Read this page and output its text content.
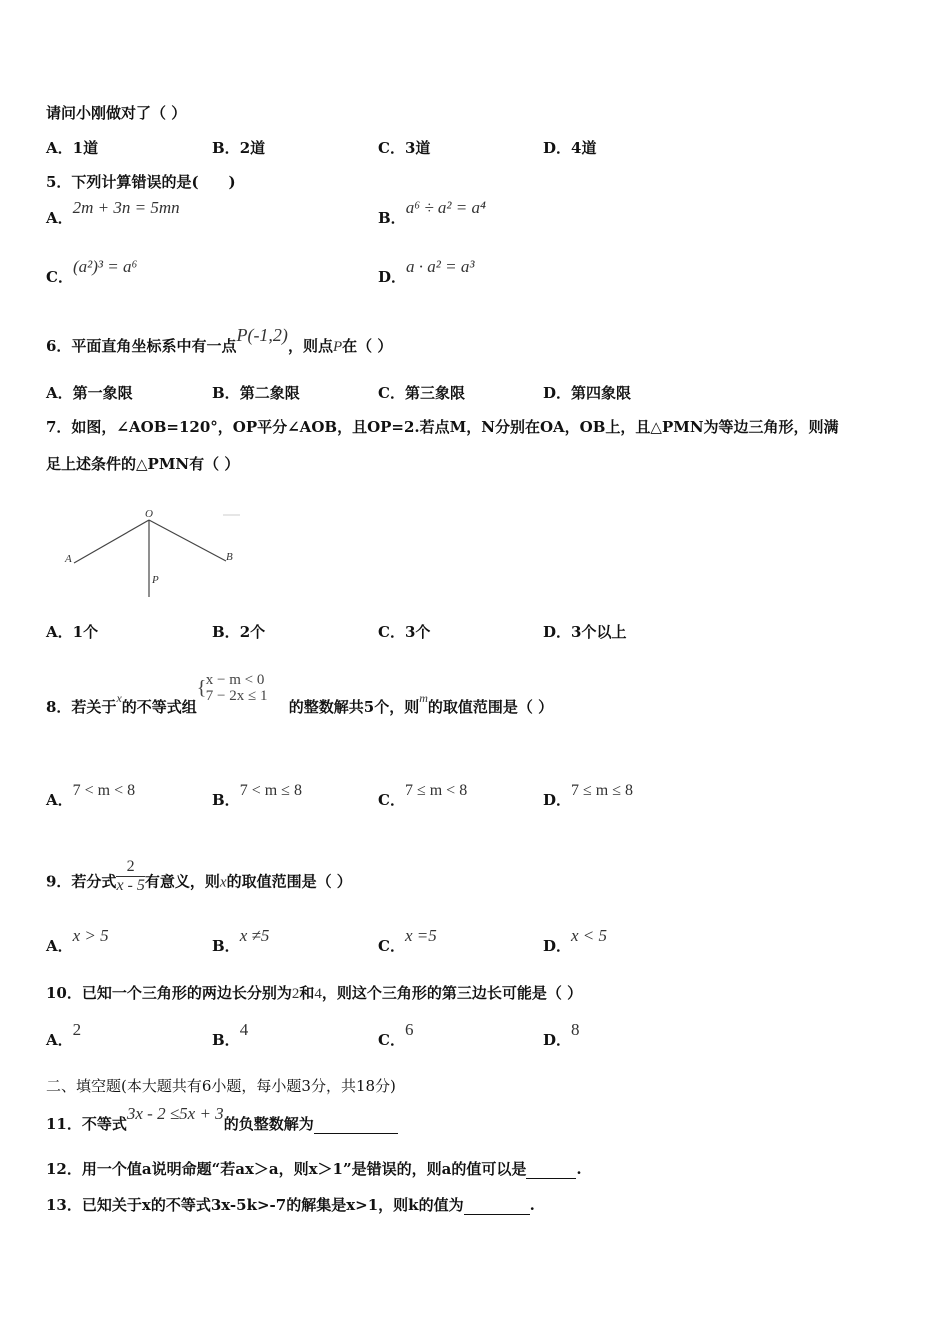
请问小刚做对了（ ）
A．1道	B．2道	C．3道	D．4道
5．下列计算错误的是(　　)
A．2m + 3n = 5mn
B．a⁶ ÷ a² = a⁴
C．(a²)³ = a⁶
D．a · a² = a³
6．平面直角坐标系中有一点P(-1,2)，则点P在（ ）
A．第一象限	B．第二象限	C．第三象限	D．第四象限
7．如图，∠AOB=120°，OP平分∠AOB，且OP=2.若点M，N分别在OA，OB上，且△PMN为等边三角形，则满
足上述条件的△PMN有（ ）
A
O
B
P
A．1个	B．2个	C．3个	D．3个以上
8．若关于$^x$的不等式组
{ x − m < 0
7 − 2x ≤ 1
的整数解共5个，则$^m$的取值范围是（ ）
A．7 < m < 8
B．7 < m ≤ 8
C．7 ≤ m < 8
D．7 ≤ m ≤ 8
9．若分式 $\frac{2}{x - 5}$ 有意义，则x的取值范围是（ ）
A．x > 5
B．x ≠5
C．x =5
D．x < 5
10．已知一个三角形的两边长分别为2和4，则这个三角形的第三边长可能是（ ）
A．2
B．4
C．6
D．8
二、填空题(本大题共有6小题，每小题3分，共18分)
11．不等式3x - 2 ≤5x + 3的负整数解为
12．用一个值a说明命题“若ax＞a，则x＞1”是错误的，则a的值可以是	.
13．已知关于x的不等式3x-5k>-7的解集是x>1，则k的值为	.
